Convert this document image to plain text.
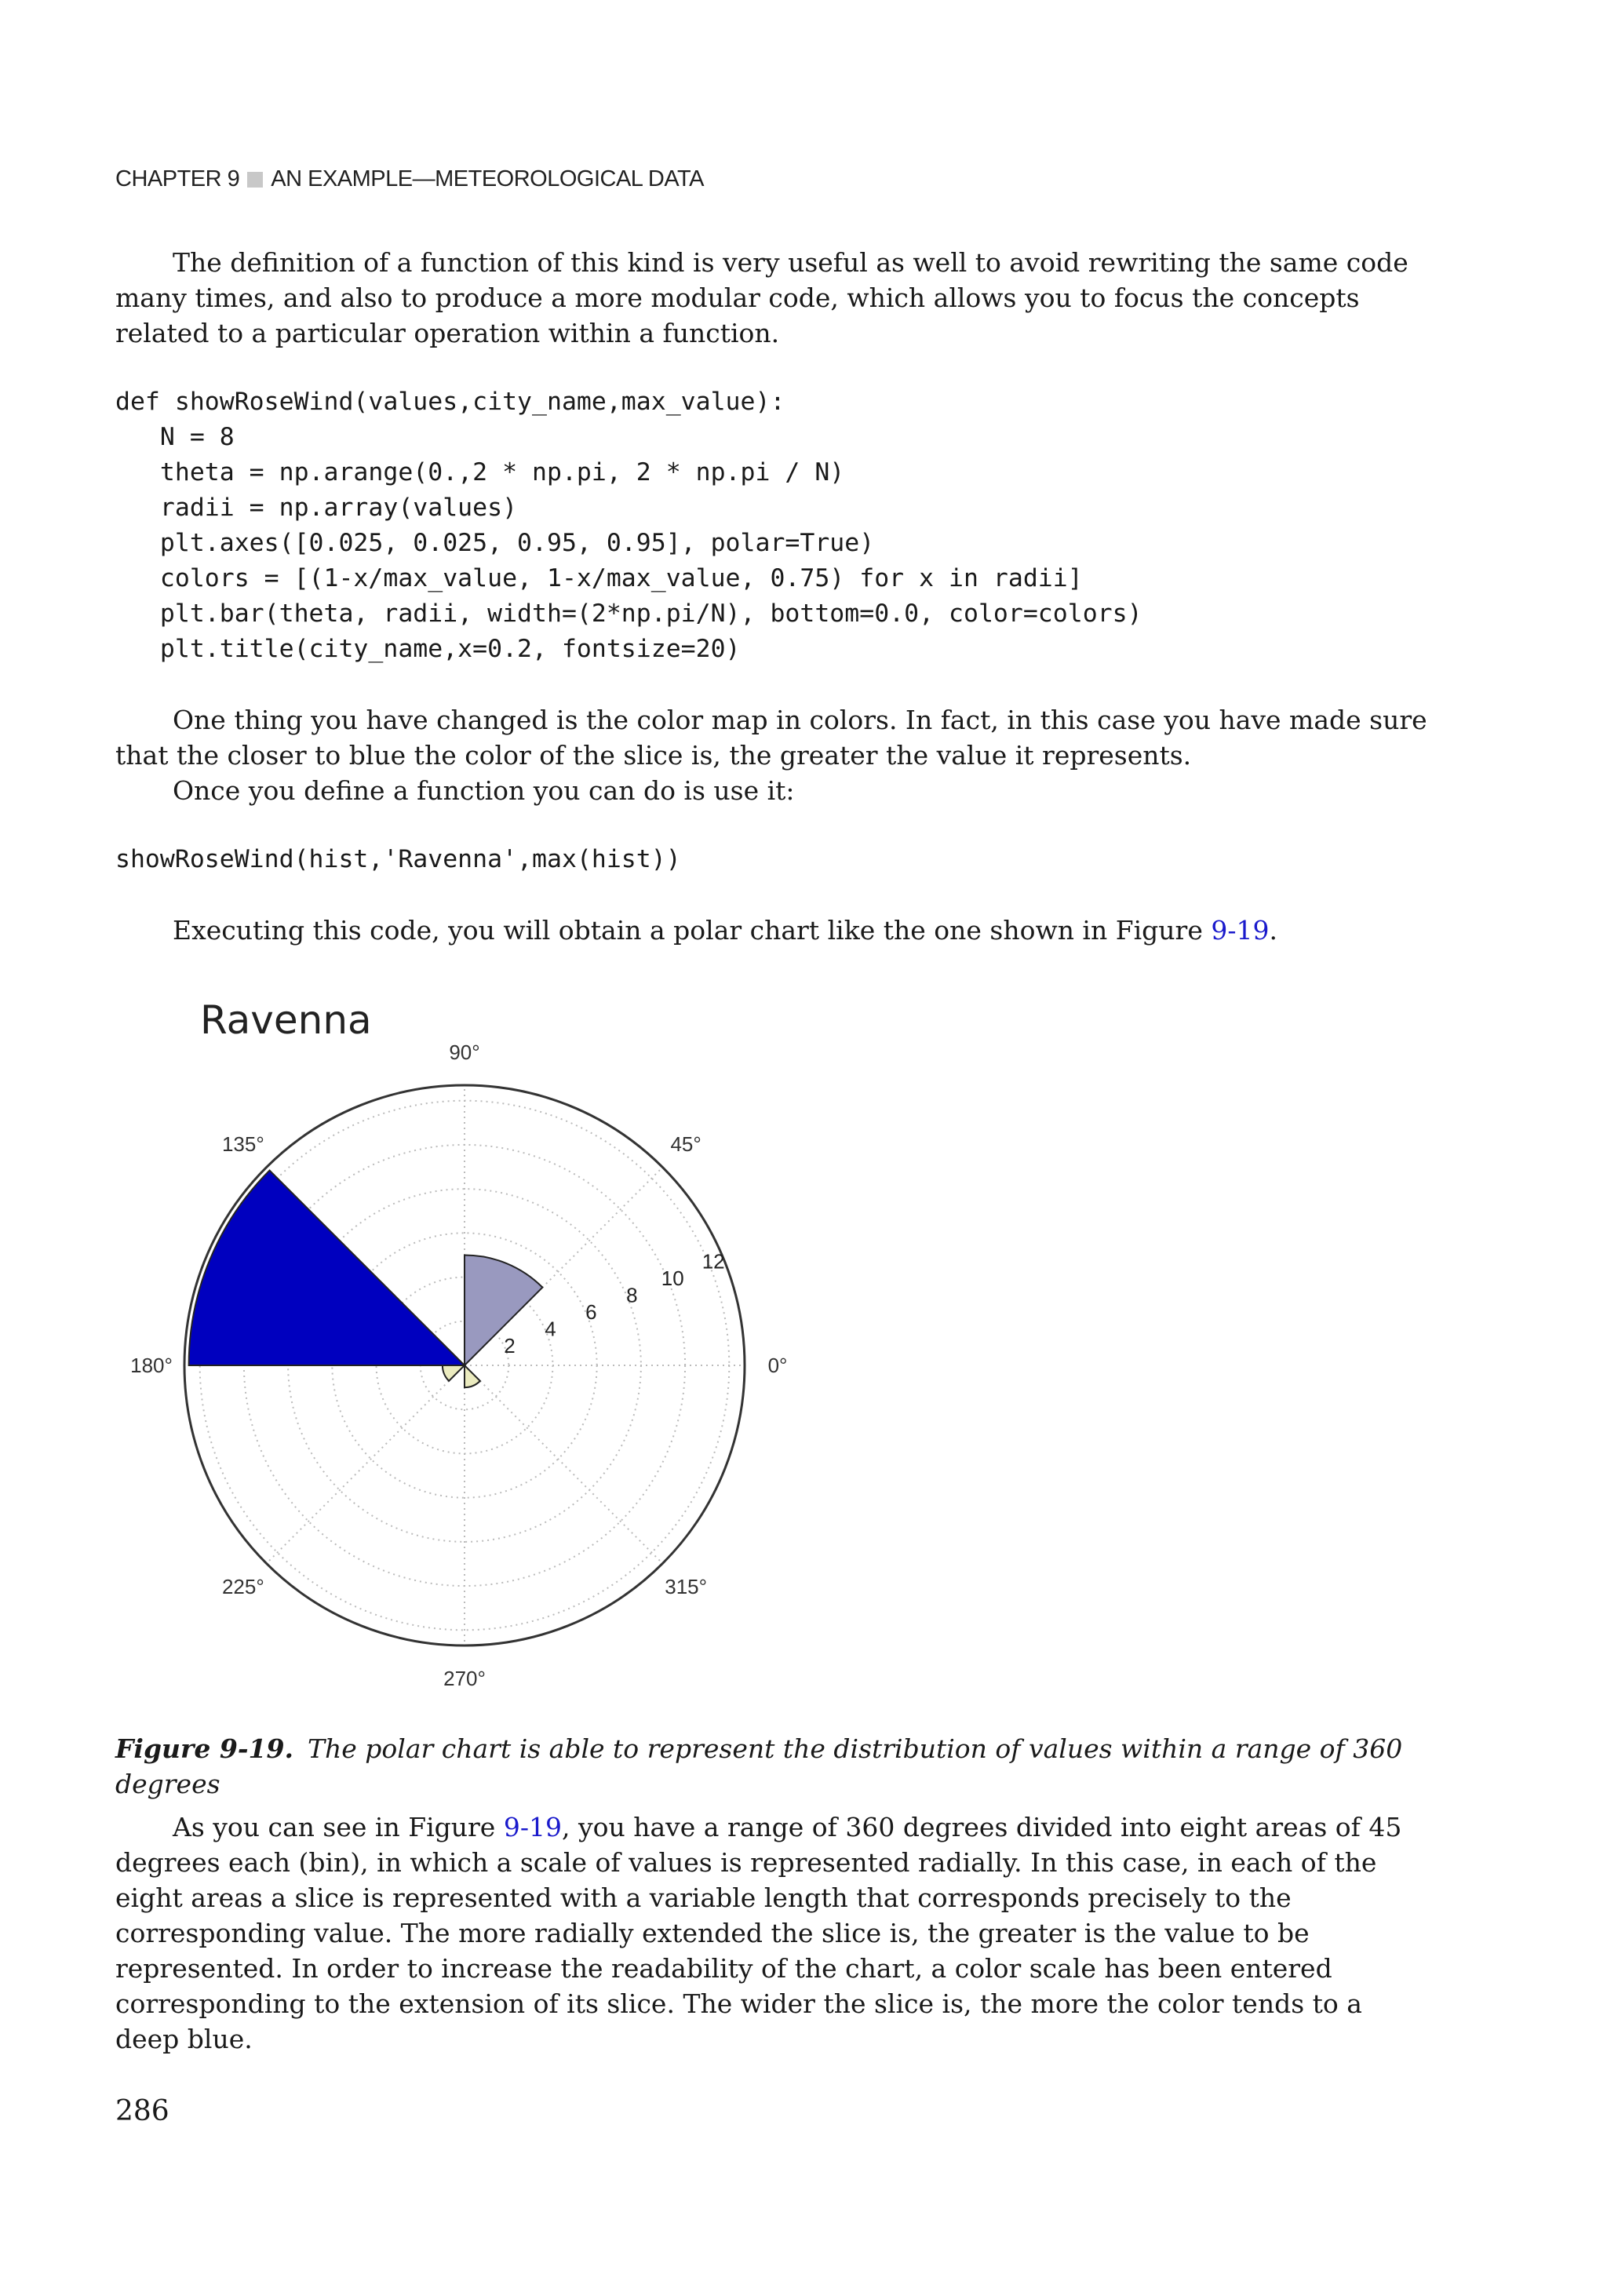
CHAPTER 9 AN EXAMPLE—METEOROLOGICAL DATA

The definition of a function of this kind is very useful as well to avoid rewriting the same code many times, and also to produce a more modular code, which allows you to focus the concepts related to a particular operation within a function.

def showRoseWind(values,city_name,max_value):
N = 8
theta = np.arange(0.,2 * np.pi, 2 * np.pi / N)
radii = np.array(values)
plt.axes([0.025, 0.025, 0.95, 0.95], polar=True)
colors = [(1-x/max_value, 1-x/max_value, 0.75) for x in radii]
plt.bar(theta, radii, width=(2*np.pi/N), bottom=0.0, color=colors)
plt.title(city_name,x=0.2, fontsize=20)

One thing you have changed is the color map in colors. In fact, in this case you have made sure that the closer to blue the color of the slice is, the greater the value it represents.

Once you define a function you can do is use it:

showRoseWind(hist,'Ravenna',max(hist))

Executing this code, you will obtain a polar chart like the one shown in Figure 9-19.

Ravenna
2
4
6
8
10
12
0°
45°
90°
135°
180°
225°
270°
315°

Figure 9-19. The polar chart is able to represent the distribution of values within a range of 360 degrees

As you can see in Figure 9-19, you have a range of 360 degrees divided into eight areas of 45 degrees each (bin), in which a scale of values is represented radially. In this case, in each of the eight areas a slice is represented with a variable length that corresponds precisely to the corresponding value. The more radially extended the slice is, the greater is the value to be represented. In order to increase the readability of the chart, a color scale has been entered corresponding to the extension of its slice. The wider the slice is, the more the color tends to a deep blue.

286
